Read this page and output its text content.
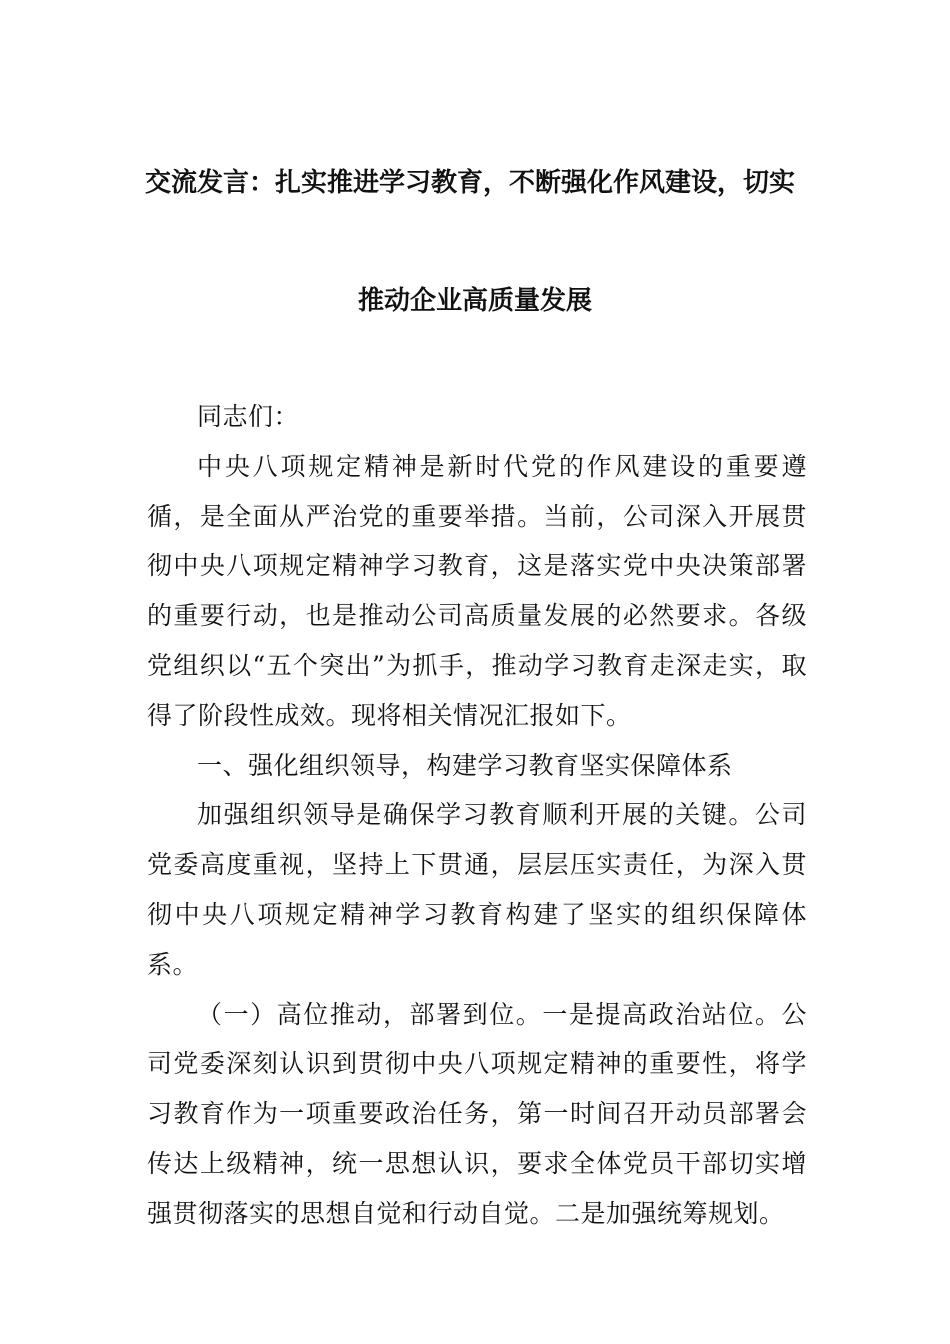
交流发言：扎实推进学习教育，不断强化作风建设，切实
推动企业高质量发展

同志们：

中央八项规定精神是新时代党的作风建设的重要遵循，是全面从严治党的重要举措。当前，公司深入开展贯彻中央八项规定精神学习教育，这是落实党中央决策部署的重要行动，也是推动公司高质量发展的必然要求。各级党组织以“五个突出”为抓手，推动学习教育走深走实，取得了阶段性成效。现将相关情况汇报如下。

一、强化组织领导，构建学习教育坚实保障体系

加强组织领导是确保学习教育顺利开展的关键。公司党委高度重视，坚持上下贯通，层层压实责任，为深入贯彻中央八项规定精神学习教育构建了坚实的组织保障体系。

（一）高位推动，部署到位。一是提高政治站位。公司党委深刻认识到贯彻中央八项规定精神的重要性，将学习教育作为一项重要政治任务，第一时间召开动员部署会传达上级精神，统一思想认识，要求全体党员干部切实增强贯彻落实的思想自觉和行动自觉。二是加强统筹规划。
